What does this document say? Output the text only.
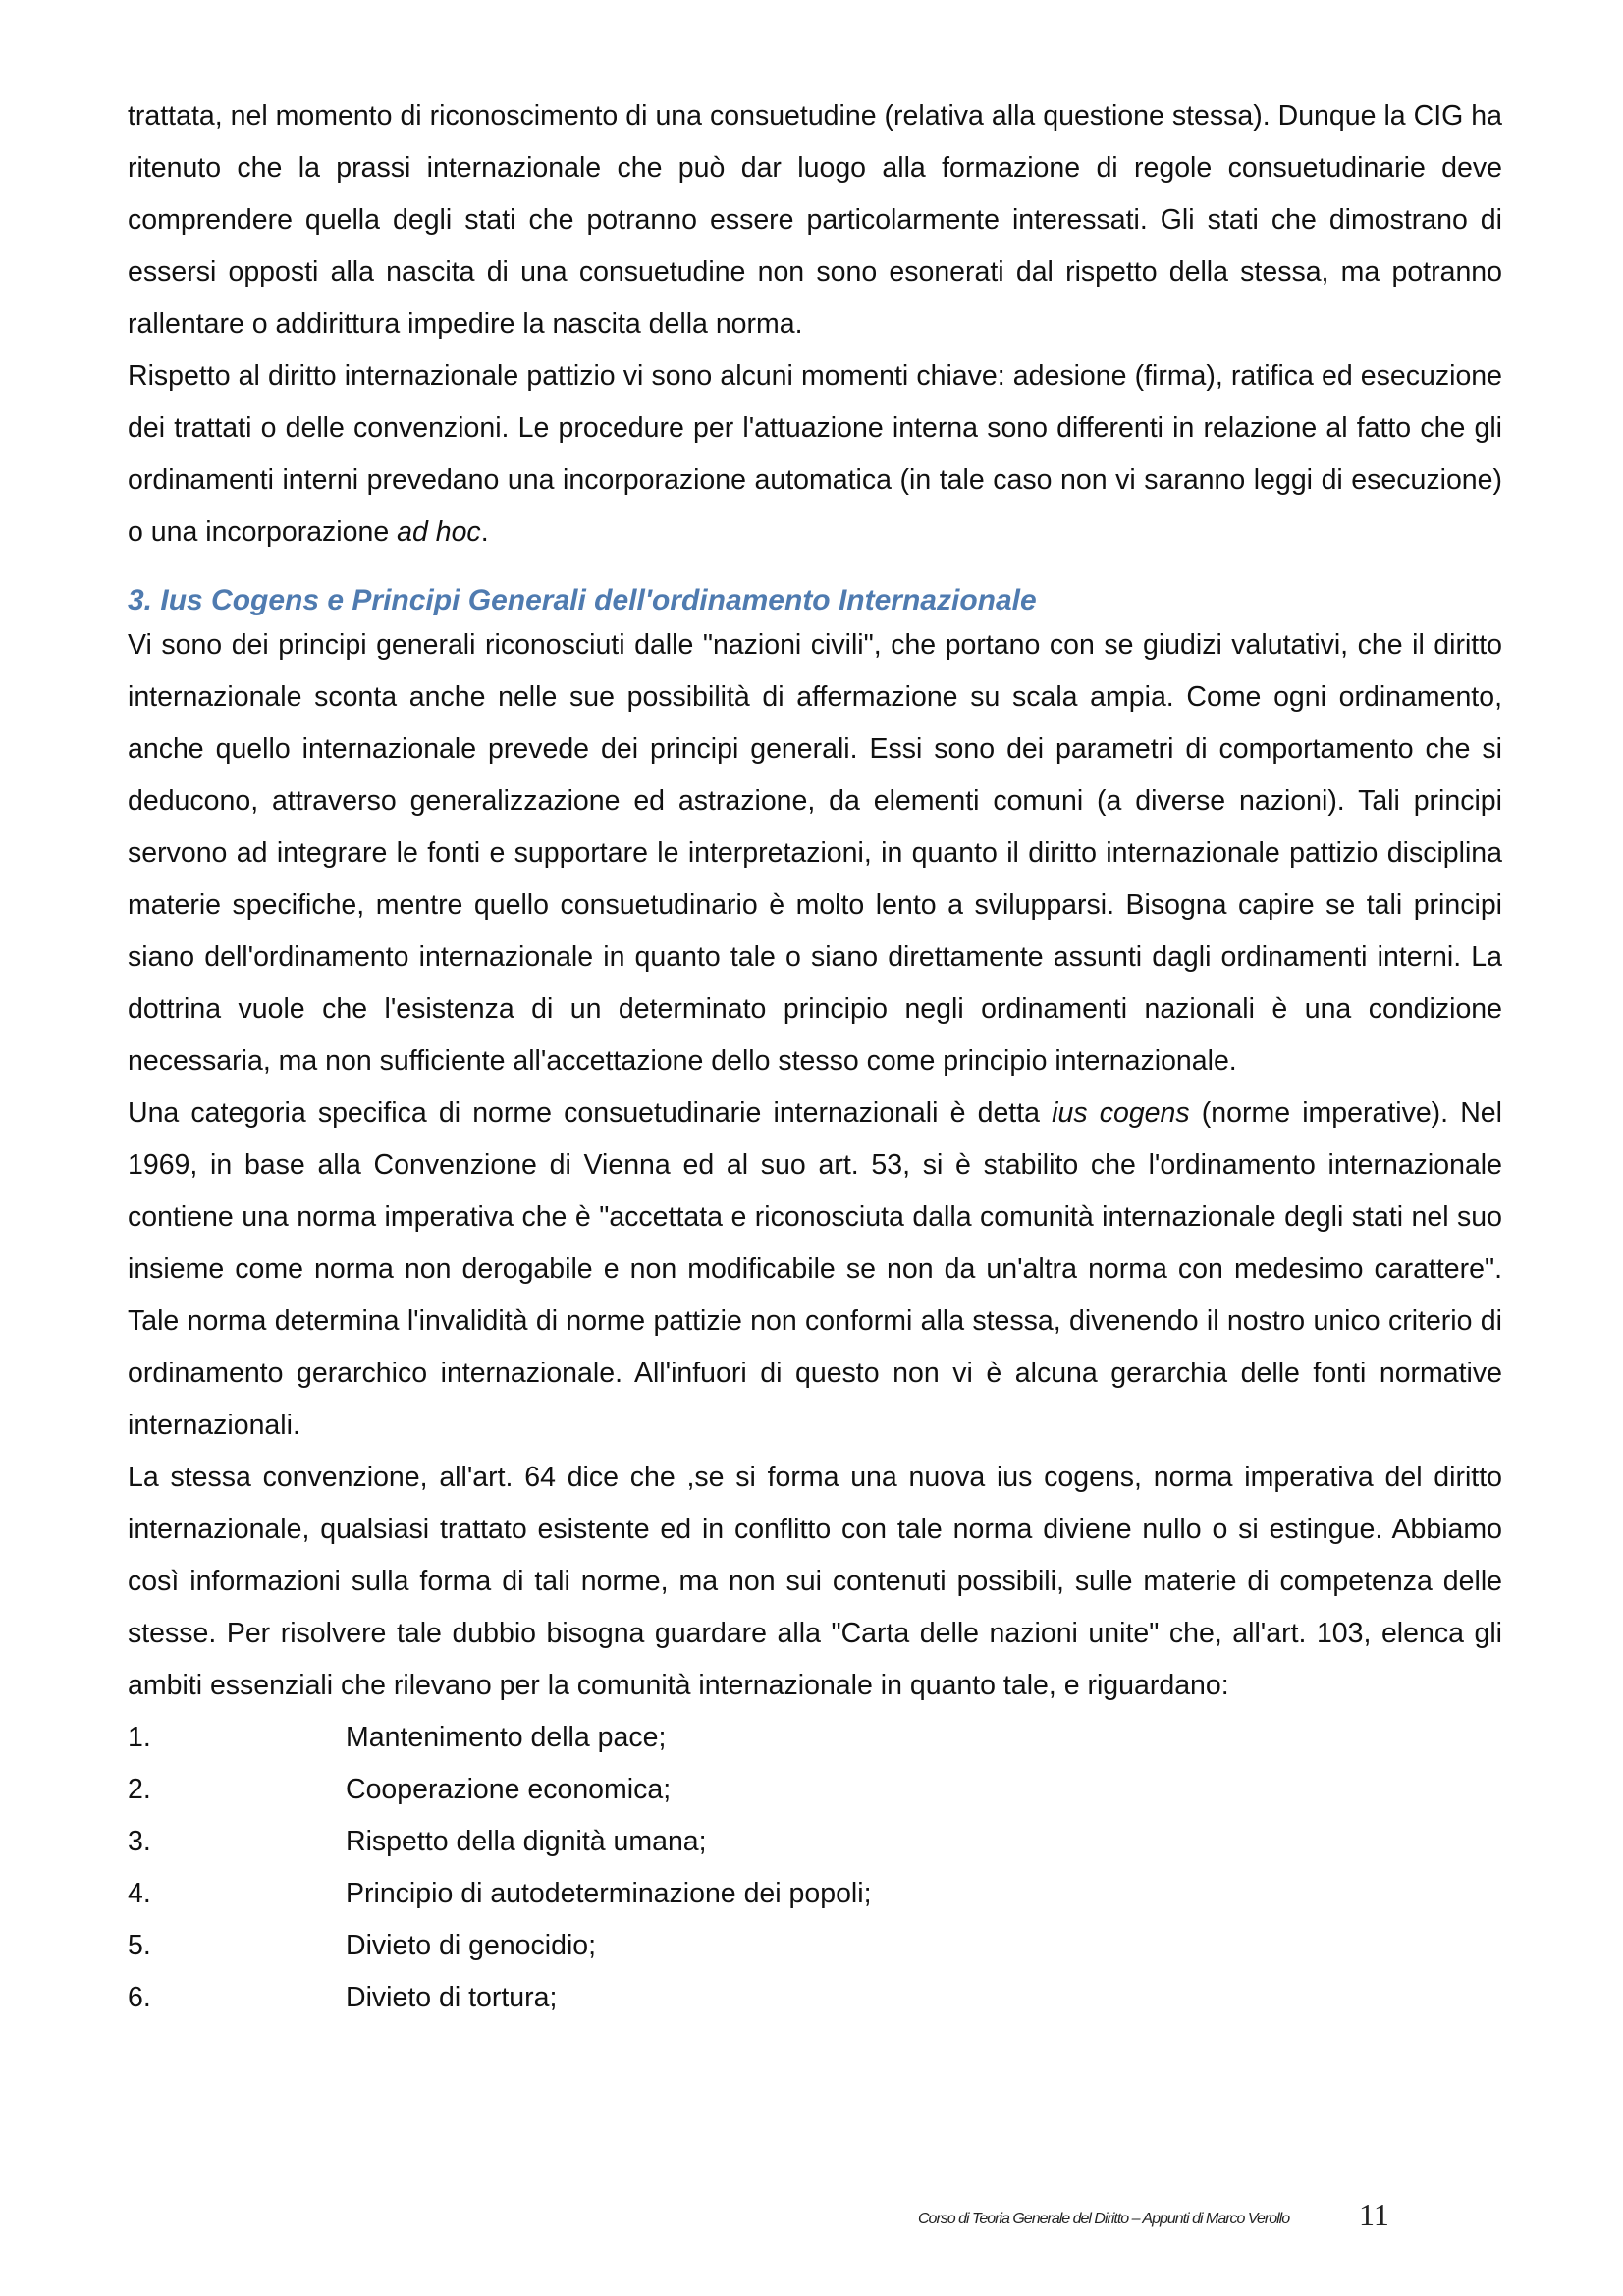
trattata, nel momento di riconoscimento di una consuetudine (relativa alla questione stessa). Dunque la CIG ha ritenuto che la prassi internazionale che può dar luogo alla formazione di regole consuetudinarie deve comprendere quella degli stati che potranno essere particolarmente interessati. Gli stati che dimostrano di essersi opposti alla nascita di una consuetudine non sono esonerati dal rispetto della stessa, ma potranno rallentare o addirittura impedire la nascita della norma.

Rispetto al diritto internazionale pattizio vi sono alcuni momenti chiave: adesione (firma), ratifica ed esecuzione dei trattati o delle convenzioni. Le procedure per l'attuazione interna sono differenti in relazione al fatto che gli ordinamenti interni prevedano una incorporazione automatica (in tale caso non vi saranno leggi di esecuzione) o una incorporazione ad hoc.

3. Ius Cogens e Principi Generali dell'ordinamento Internazionale

Vi sono dei principi generali riconosciuti dalle "nazioni civili", che portano con se giudizi valutativi, che il diritto internazionale sconta anche nelle sue possibilità di affermazione su scala ampia. Come ogni ordinamento, anche quello internazionale prevede dei principi generali. Essi sono dei parametri di comportamento che si deducono, attraverso generalizzazione ed astrazione, da elementi comuni (a diverse nazioni). Tali principi servono ad integrare le fonti e supportare le interpretazioni, in quanto il diritto internazionale pattizio disciplina materie specifiche, mentre quello consuetudinario è molto lento a svilupparsi. Bisogna capire se tali principi siano dell'ordinamento internazionale in quanto tale o siano direttamente assunti dagli ordinamenti interni. La dottrina vuole che l'esistenza di un determinato principio negli ordinamenti nazionali è una condizione necessaria, ma non sufficiente all'accettazione dello stesso come principio internazionale.

Una categoria specifica di norme consuetudinarie internazionali è detta ius cogens (norme imperative). Nel 1969, in base alla Convenzione di Vienna ed al suo art. 53, si è stabilito che l'ordinamento internazionale contiene una norma imperativa che è "accettata e riconosciuta dalla comunità internazionale degli stati nel suo insieme come norma non derogabile e non modificabile se non da un'altra norma con medesimo carattere". Tale norma determina l'invalidità di norme pattizie non conformi alla stessa, divenendo il nostro unico criterio di ordinamento gerarchico internazionale. All'infuori di questo non vi è alcuna gerarchia delle fonti normative internazionali.

La stessa convenzione, all'art. 64 dice che ,se si forma una nuova ius cogens, norma imperativa del diritto internazionale, qualsiasi trattato esistente ed in conflitto con tale norma diviene nullo o si estingue. Abbiamo così informazioni sulla forma di tali norme, ma non sui contenuti possibili, sulle materie di competenza delle stesse. Per risolvere tale dubbio bisogna guardare alla "Carta delle nazioni unite" che, all'art. 103, elenca gli ambiti essenziali che rilevano per la comunità internazionale in quanto tale, e riguardano:

1.	Mantenimento della pace;
2.	Cooperazione economica;
3.	Rispetto della dignità umana;
4.	Principio di autodeterminazione dei popoli;
5.	Divieto di genocidio;
6.	Divieto di tortura;
Corso di Teoria Generale del Diritto – Appunti di Marco Verollo 11
